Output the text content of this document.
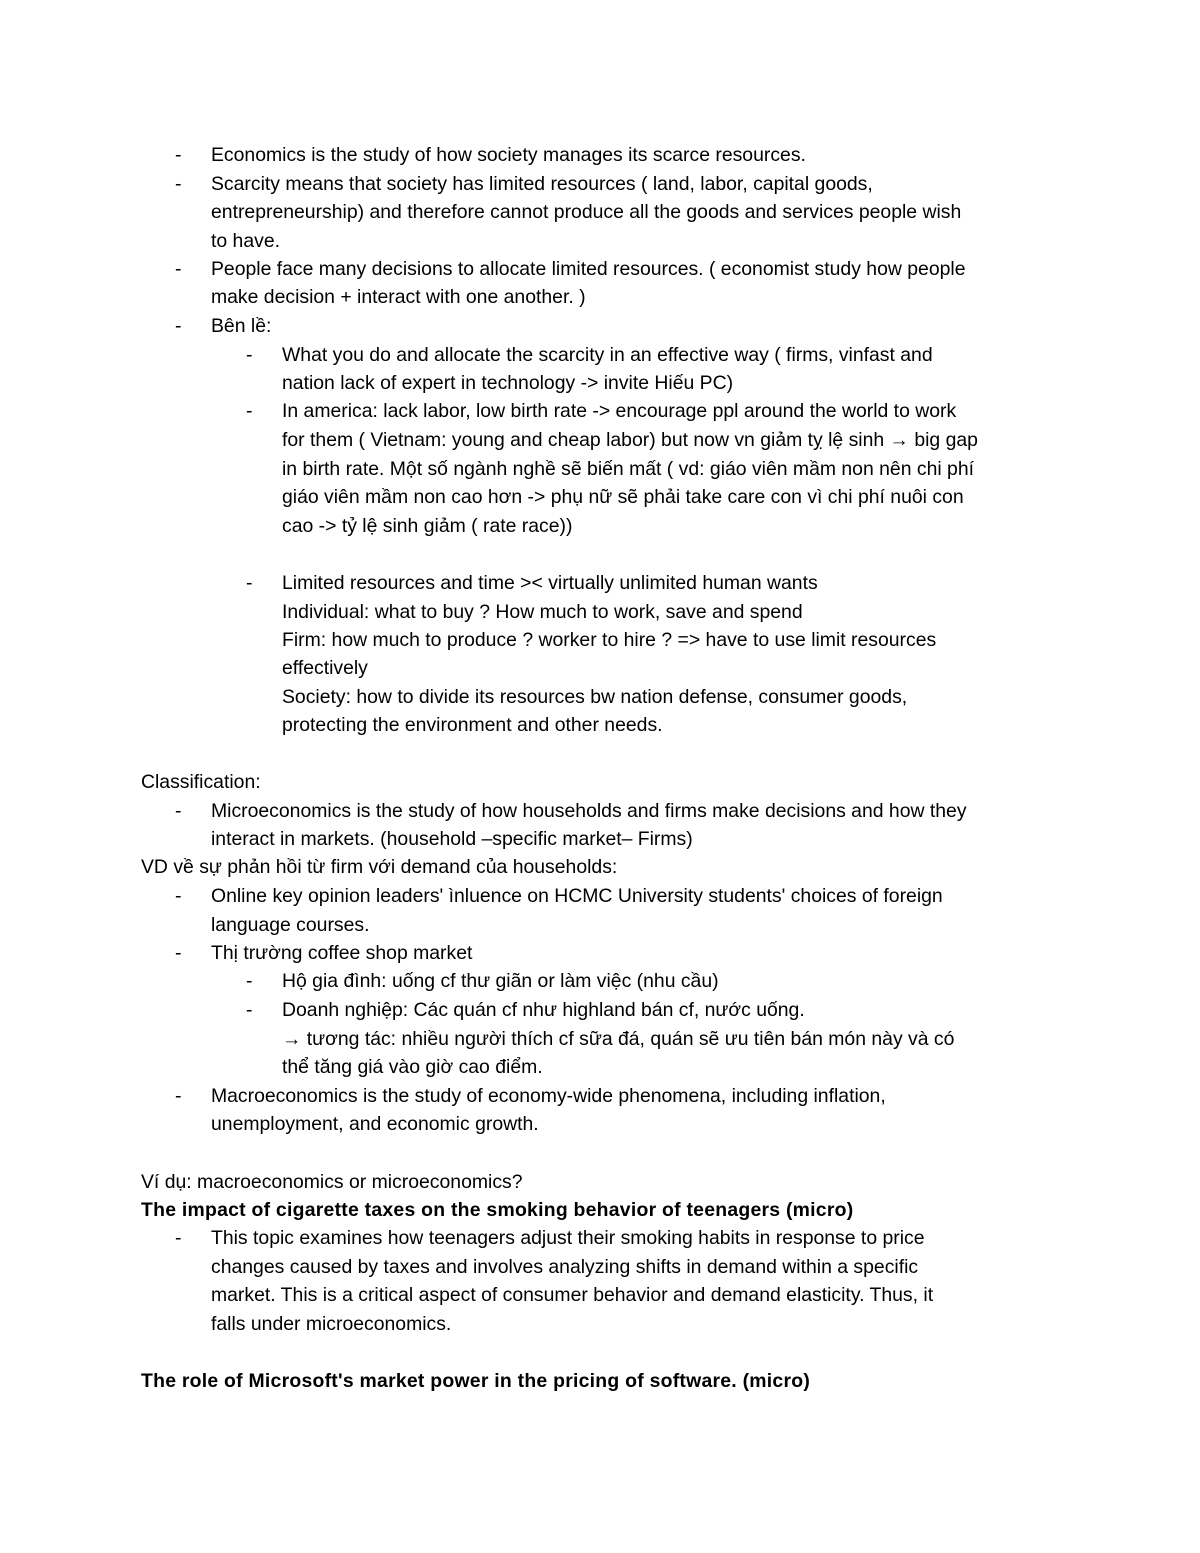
- Economics is the study of how society manages its scarce resources.
- Scarcity means that society has limited resources ( land, labor, capital goods,
entrepreneurship) and therefore cannot produce all the goods and services people wish
to have.
- People face many decisions to allocate limited resources. ( economist study how people
make decision + interact with one another. )
- Bên lề:
- What you do and allocate the scarcity in an effective way ( firms, vinfast and
nation lack of expert in technology -> invite Hiếu PC)
- In america: lack labor, low birth rate -> encourage ppl around the world to work
for them ( Vietnam: young and cheap labor) but now vn giảm tỵ lệ sinh → big gap
in birth rate. Một số ngành nghề sẽ biến mất ( vd: giáo viên mầm non nên chi phí
giáo viên mầm non cao hơn -> phụ nữ sẽ phải take care con vì chi phí nuôi con
cao -> tỷ lệ sinh giảm ( rate race))
- Limited resources and time >< virtually unlimited human wants
Individual: what to buy ? How much to work, save and spend
Firm: how much to produce ? worker to hire ? => have to use limit resources
effectively
Society: how to divide its resources bw nation defense, consumer goods,
protecting the environment and other needs.
Classification:
- Microeconomics is the study of how households and firms make decisions and how they
interact in markets. (household –specific market– Firms)
VD về sự phản hồi từ firm với demand của households:
- Online key opinion leaders' ìnluence on HCMC University students' choices of foreign
language courses.
- Thị trường coffee shop market
- Hộ gia đình: uống cf thư giãn or làm việc (nhu cầu)
- Doanh nghiệp: Các quán cf như highland bán cf, nước uống.
→ tương tác: nhiều người thích cf sữa đá, quán sẽ ưu tiên bán món này và có
thể tăng giá vào giờ cao điểm.
- Macroeconomics is the study of economy-wide phenomena, including inflation,
unemployment, and economic growth.
Ví dụ: macroeconomics or microeconomics?
The impact of cigarette taxes on the smoking behavior of teenagers (micro)
- This topic examines how teenagers adjust their smoking habits in response to price
changes caused by taxes and involves analyzing shifts in demand within a specific
market. This is a critical aspect of consumer behavior and demand elasticity. Thus, it
falls under microeconomics.
The role of Microsoft's market power in the pricing of software. (micro)
